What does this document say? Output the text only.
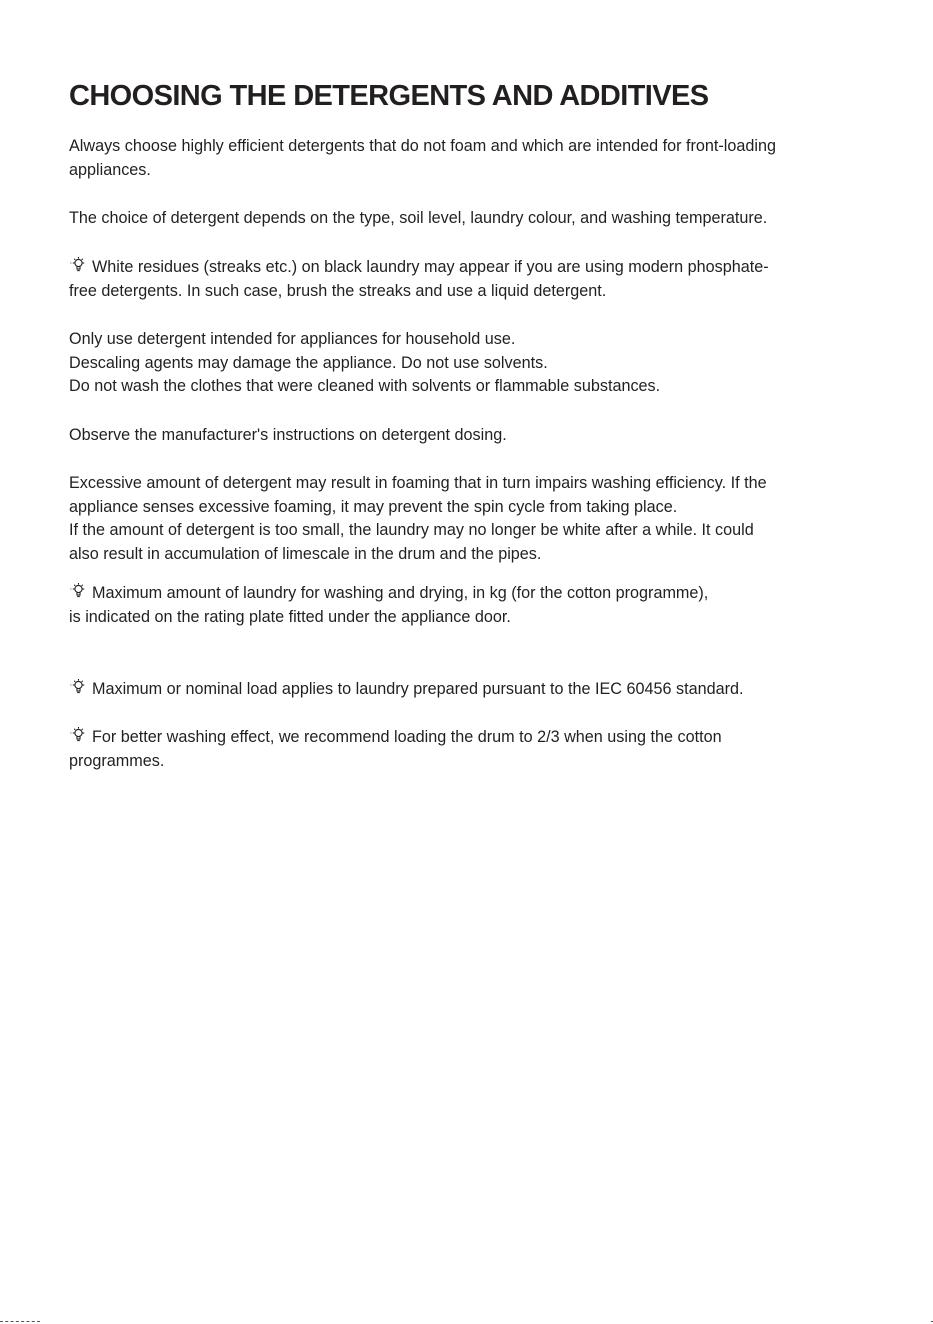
CHOOSING THE DETERGENTS AND ADDITIVES

Always choose highly efficient detergents that do not foam and which are intended for front-loading
appliances.

The choice of detergent depends on the type, soil level, laundry colour, and washing temperature.

White residues (streaks etc.) on black laundry may appear if you are using modern phosphate-
free detergents. In such case, brush the streaks and use a liquid detergent.

Only use detergent intended for appliances for household use.
Descaling agents may damage the appliance. Do not use solvents.
Do not wash the clothes that were cleaned with solvents or flammable substances.

Observe the manufacturer's instructions on detergent dosing.

Excessive amount of detergent may result in foaming that in turn impairs washing efficiency. If the
appliance senses excessive foaming, it may prevent the spin cycle from taking place.
If the amount of detergent is too small, the laundry may no longer be white after a while. It could
also result in accumulation of limescale in the drum and the pipes.

Maximum amount of laundry for washing and drying, in kg (for the cotton programme),
is indicated on the rating plate fitted under the appliance door.

Maximum or nominal load applies to laundry prepared pursuant to the IEC 60456 standard.

For better washing effect, we recommend loading the drum to 2/3 when using the cotton
programmes.
